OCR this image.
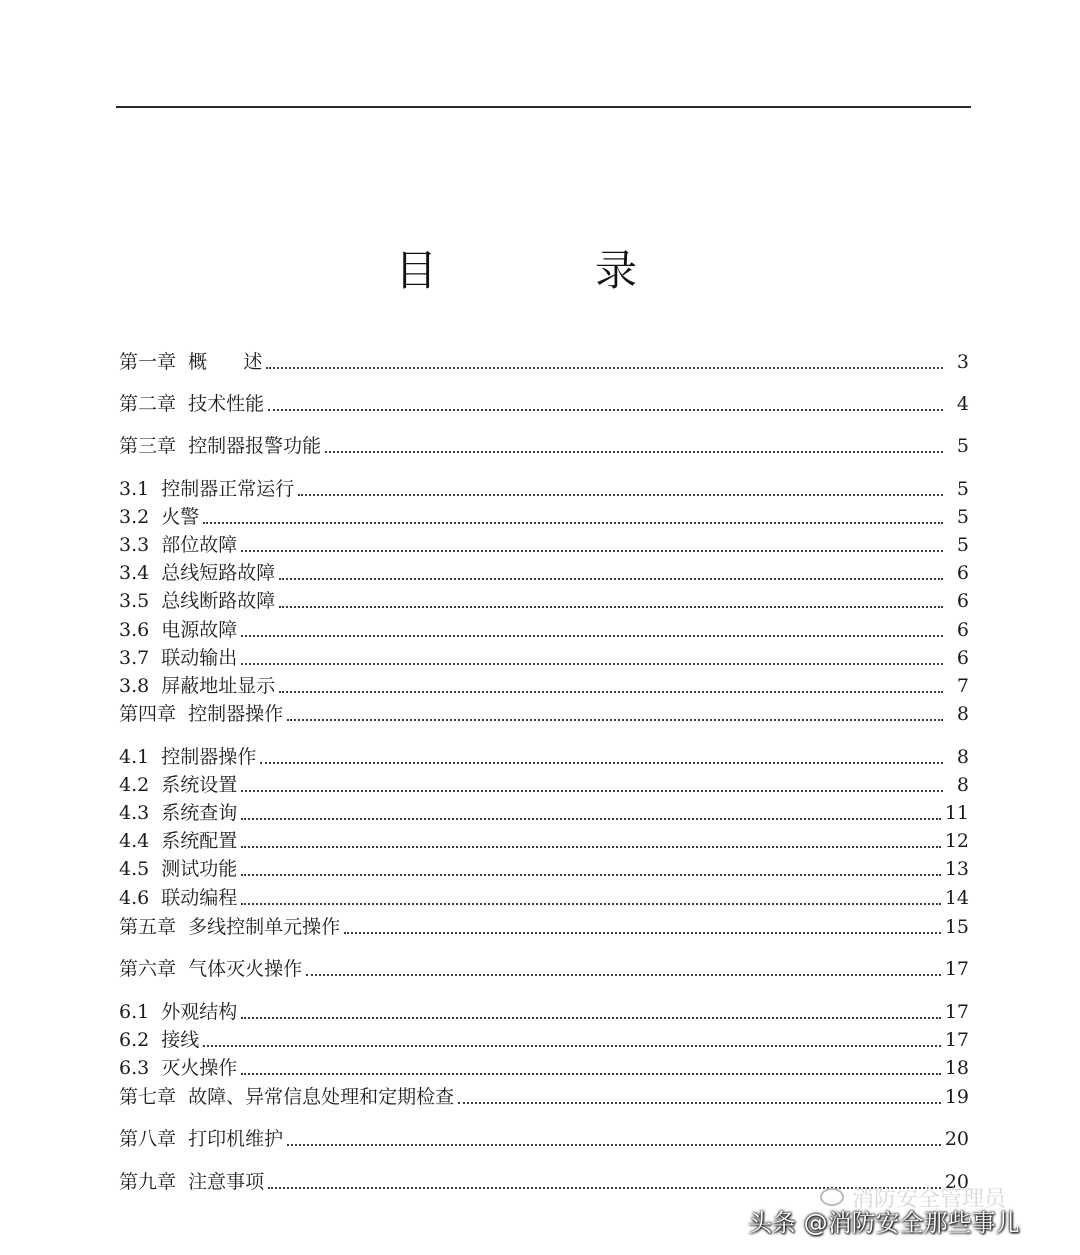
目　录
第一章  概      述	3
第二章  技术性能	4
第三章  控制器报警功能	5
3.1  控制器正常运行	5
3.2  火警	5
3.3  部位故障	5
3.4  总线短路故障	6
3.5  总线断路故障	6
3.6  电源故障	6
3.7  联动输出	6
3.8  屏蔽地址显示	7
第四章  控制器操作	8
4.1  控制器操作	8
4.2  系统设置	8
4.3  系统查询	11
4.4  系统配置	12
4.5  测试功能	13
4.6  联动编程	14
第五章  多线控制单元操作	15
第六章  气体灭火操作	17
6.1  外观结构	17
6.2  接线	17
6.3  灭火操作	18
第七章  故障、异常信息处理和定期检查	19
第八章  打印机维护	20
第九章  注意事项	20
消防安全管理员
头条 @消防安全那些事儿
